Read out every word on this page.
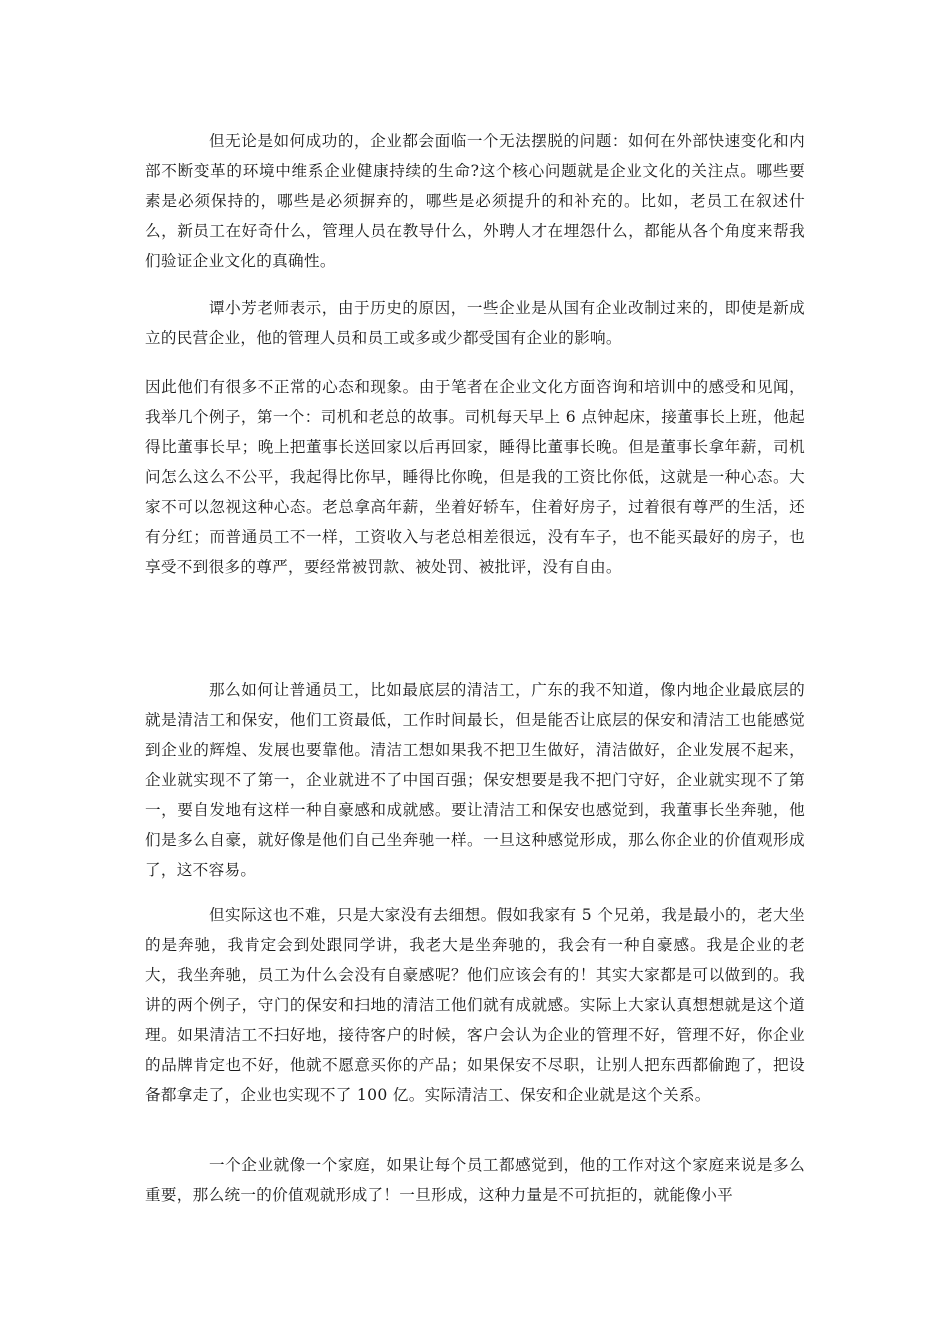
但无论是如何成功的，企业都会面临一个无法摆脱的问题：如何在外部快速变化和内部不断变革的环境中维系企业健康持续的生命?这个核心问题就是企业文化的关注点。哪些要素是必须保持的，哪些是必须摒弃的，哪些是必须提升的和补充的。比如，老员工在叙述什么，新员工在好奇什么，管理人员在教导什么，外聘人才在埋怨什么，都能从各个角度来帮我们验证企业文化的真确性。

谭小芳老师表示，由于历史的原因，一些企业是从国有企业改制过来的，即使是新成立的民营企业，他的管理人员和员工或多或少都受国有企业的影响。

因此他们有很多不正常的心态和现象。由于笔者在企业文化方面咨询和培训中的感受和见闻，我举几个例子，第一个：司机和老总的故事。司机每天早上 6 点钟起床，接董事长上班，他起得比董事长早；晚上把董事长送回家以后再回家，睡得比董事长晚。但是董事长拿年薪，司机问怎么这么不公平，我起得比你早，睡得比你晚，但是我的工资比你低，这就是一种心态。大家不可以忽视这种心态。老总拿高年薪，坐着好轿车，住着好房子，过着很有尊严的生活，还有分红；而普通员工不一样，工资收入与老总相差很远，没有车子，也不能买最好的房子，也享受不到很多的尊严，要经常被罚款、被处罚、被批评，没有自由。

那么如何让普通员工，比如最底层的清洁工，广东的我不知道，像内地企业最底层的就是清洁工和保安，他们工资最低，工作时间最长，但是能否让底层的保安和清洁工也能感觉到企业的辉煌、发展也要靠他。清洁工想如果我不把卫生做好，清洁做好，企业发展不起来，企业就实现不了第一，企业就进不了中国百强；保安想要是我不把门守好，企业就实现不了第一，要自发地有这样一种自豪感和成就感。要让清洁工和保安也感觉到，我董事长坐奔驰，他们是多么自豪，就好像是他们自己坐奔驰一样。一旦这种感觉形成，那么你企业的价值观形成了，这不容易。

但实际这也不难，只是大家没有去细想。假如我家有 5 个兄弟，我是最小的，老大坐的是奔驰，我肯定会到处跟同学讲，我老大是坐奔驰的，我会有一种自豪感。我是企业的老大，我坐奔驰，员工为什么会没有自豪感呢？他们应该会有的！其实大家都是可以做到的。我讲的两个例子，守门的保安和扫地的清洁工他们就有成就感。实际上大家认真想想就是这个道理。如果清洁工不扫好地，接待客户的时候，客户会认为企业的管理不好，管理不好，你企业的品牌肯定也不好，他就不愿意买你的产品；如果保安不尽职，让别人把东西都偷跑了，把设备都拿走了，企业也实现不了 100 亿。实际清洁工、保安和企业就是这个关系。

一个企业就像一个家庭，如果让每个员工都感觉到，他的工作对这个家庭来说是多么重要，那么统一的价值观就形成了！一旦形成，这种力量是不可抗拒的，就能像小平
